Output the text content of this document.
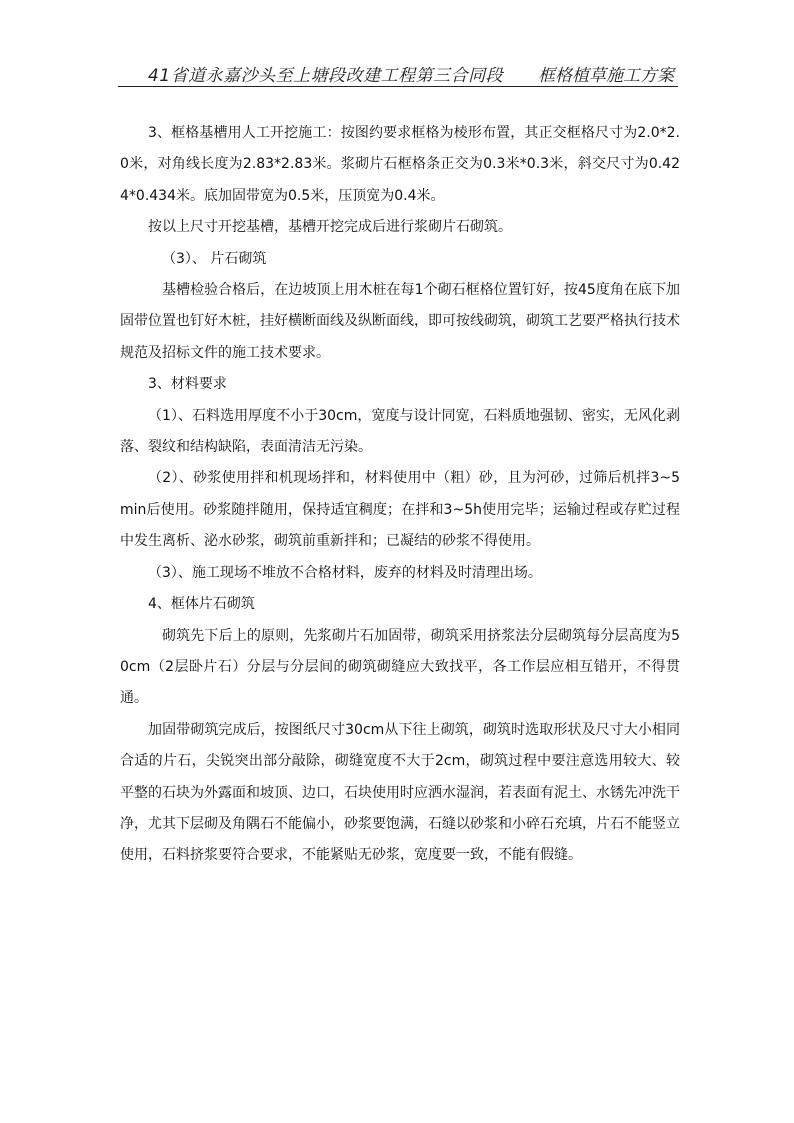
41省道永嘉沙头至上塘段改建工程第三合同段 框格植草施工方案

3、框格基槽用人工开挖施工：按图约要求框格为棱形布置，其正交框格尺寸为2.0*2.0米，对角线长度为2.83*2.83米。浆砌片石框格条正交为0.3米*0.3米，斜交尺寸为0.424*0.434米。底加固带宽为0.5米，压顶宽为0.4米。

按以上尺寸开挖基槽，基槽开挖完成后进行浆砌片石砌筑。

（3）、 片石砌筑

基槽检验合格后，在边坡顶上用木桩在每1个砌石框格位置钉好，按45度角在底下加固带位置也钉好木桩，挂好横断面线及纵断面线，即可按线砌筑，砌筑工艺要严格执行技术规范及招标文件的施工技术要求。

3、材料要求

（1）、石料选用厚度不小于30cm，宽度与设计同宽，石料质地强韧、密实，无风化剥落、裂纹和结构缺陷，表面清洁无污染。

（2）、砂浆使用拌和机现场拌和，材料使用中（粗）砂，且为河砂，过筛后机拌3~5min后使用。砂浆随拌随用，保持适宜稠度；在拌和3~5h使用完毕；运输过程或存贮过程中发生离析、泌水砂浆，砌筑前重新拌和；已凝结的砂浆不得使用。

（3）、施工现场不堆放不合格材料，废弃的材料及时清理出场。

4、框体片石砌筑

砌筑先下后上的原则，先浆砌片石加固带，砌筑采用挤浆法分层砌筑每分层高度为50cm（2层卧片石）分层与分层间的砌筑砌缝应大致找平，各工作层应相互错开，不得贯通。

加固带砌筑完成后，按图纸尺寸30cm从下往上砌筑，砌筑时选取形状及尺寸大小相同合适的片石，尖锐突出部分敲除，砌缝宽度不大于2cm，砌筑过程中要注意选用较大、较平整的石块为外露面和坡顶、边口，石块使用时应洒水湿润，若表面有泥土、水锈先冲洗干净，尤其下层砌及角隅石不能偏小，砂浆要饱满，石缝以砂浆和小碎石充填，片石不能竖立使用，石料挤浆要符合要求，不能紧贴无砂浆，宽度要一致，不能有假缝。
